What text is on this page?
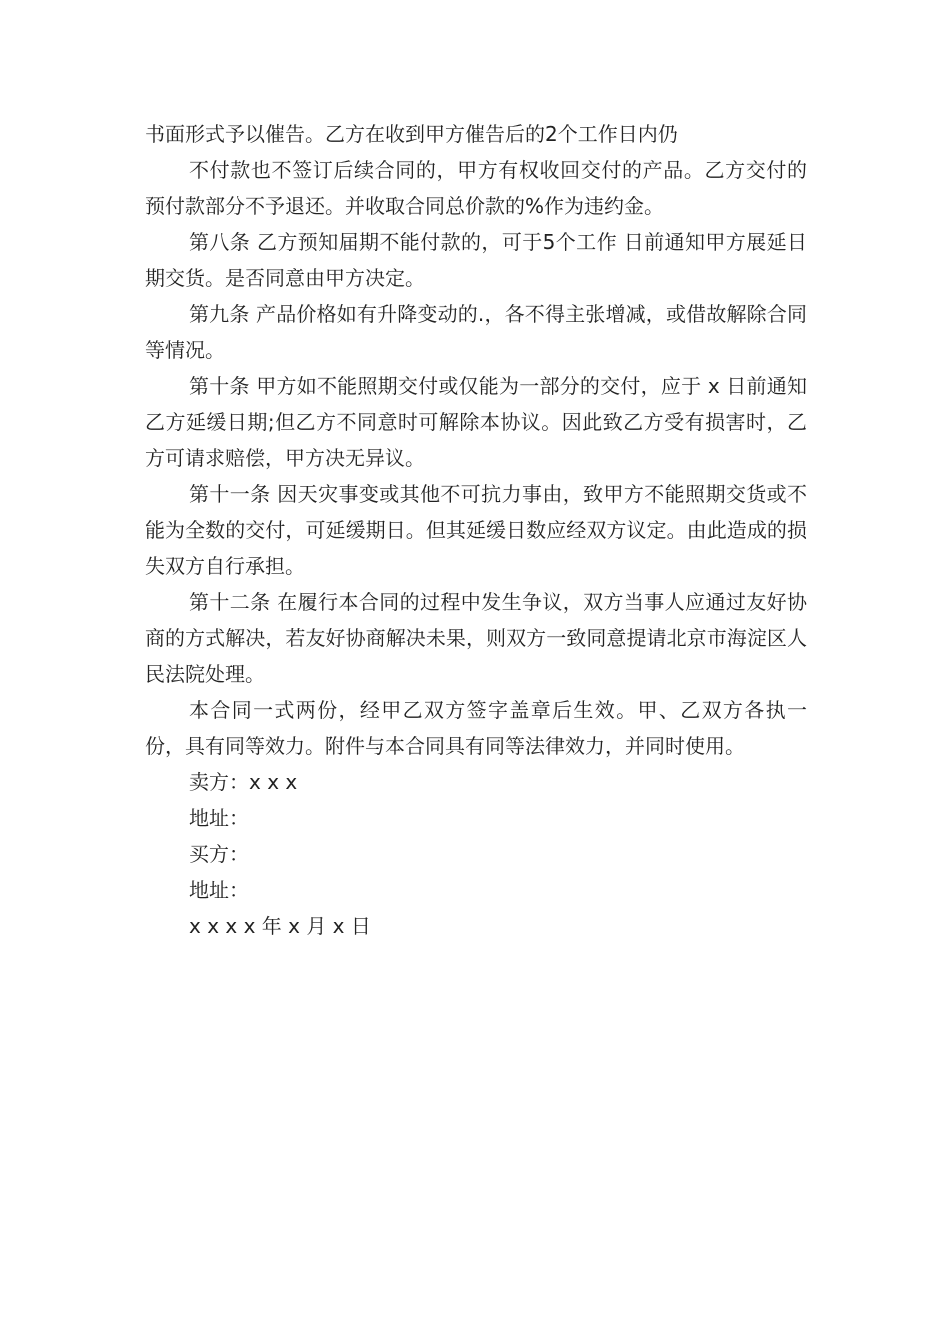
书面形式予以催告。乙方在收到甲方催告后的2个工作日内仍

不付款也不签订后续合同的，甲方有权收回交付的产品。乙方交付的预付款部分不予退还。并收取合同总价款的%作为违约金。

第八条 乙方预知届期不能付款的，可于5个工作 日前通知甲方展延日期交货。是否同意由甲方决定。

第九条 产品价格如有升降变动的.，各不得主张增减，或借故解除合同等情况。

第十条 甲方如不能照期交付或仅能为一部分的交付，应于 x 日前通知乙方延缓日期;但乙方不同意时可解除本协议。因此致乙方受有损害时，乙方可请求赔偿，甲方决无异议。

第十一条 因天灾事变或其他不可抗力事由，致甲方不能照期交货或不能为全数的交付，可延缓期日。但其延缓日数应经双方议定。由此造成的损失双方自行承担。

第十二条 在履行本合同的过程中发生争议，双方当事人应通过友好协商的方式解决，若友好协商解决未果，则双方一致同意提请北京市海淀区人民法院处理。

本合同一式两份，经甲乙双方签字盖章后生效。甲、乙双方各执一份，具有同等效力。附件与本合同具有同等法律效力，并同时使用。

卖方：x x x

地址：

买方：

地址：

x x x x 年 x 月 x 日
